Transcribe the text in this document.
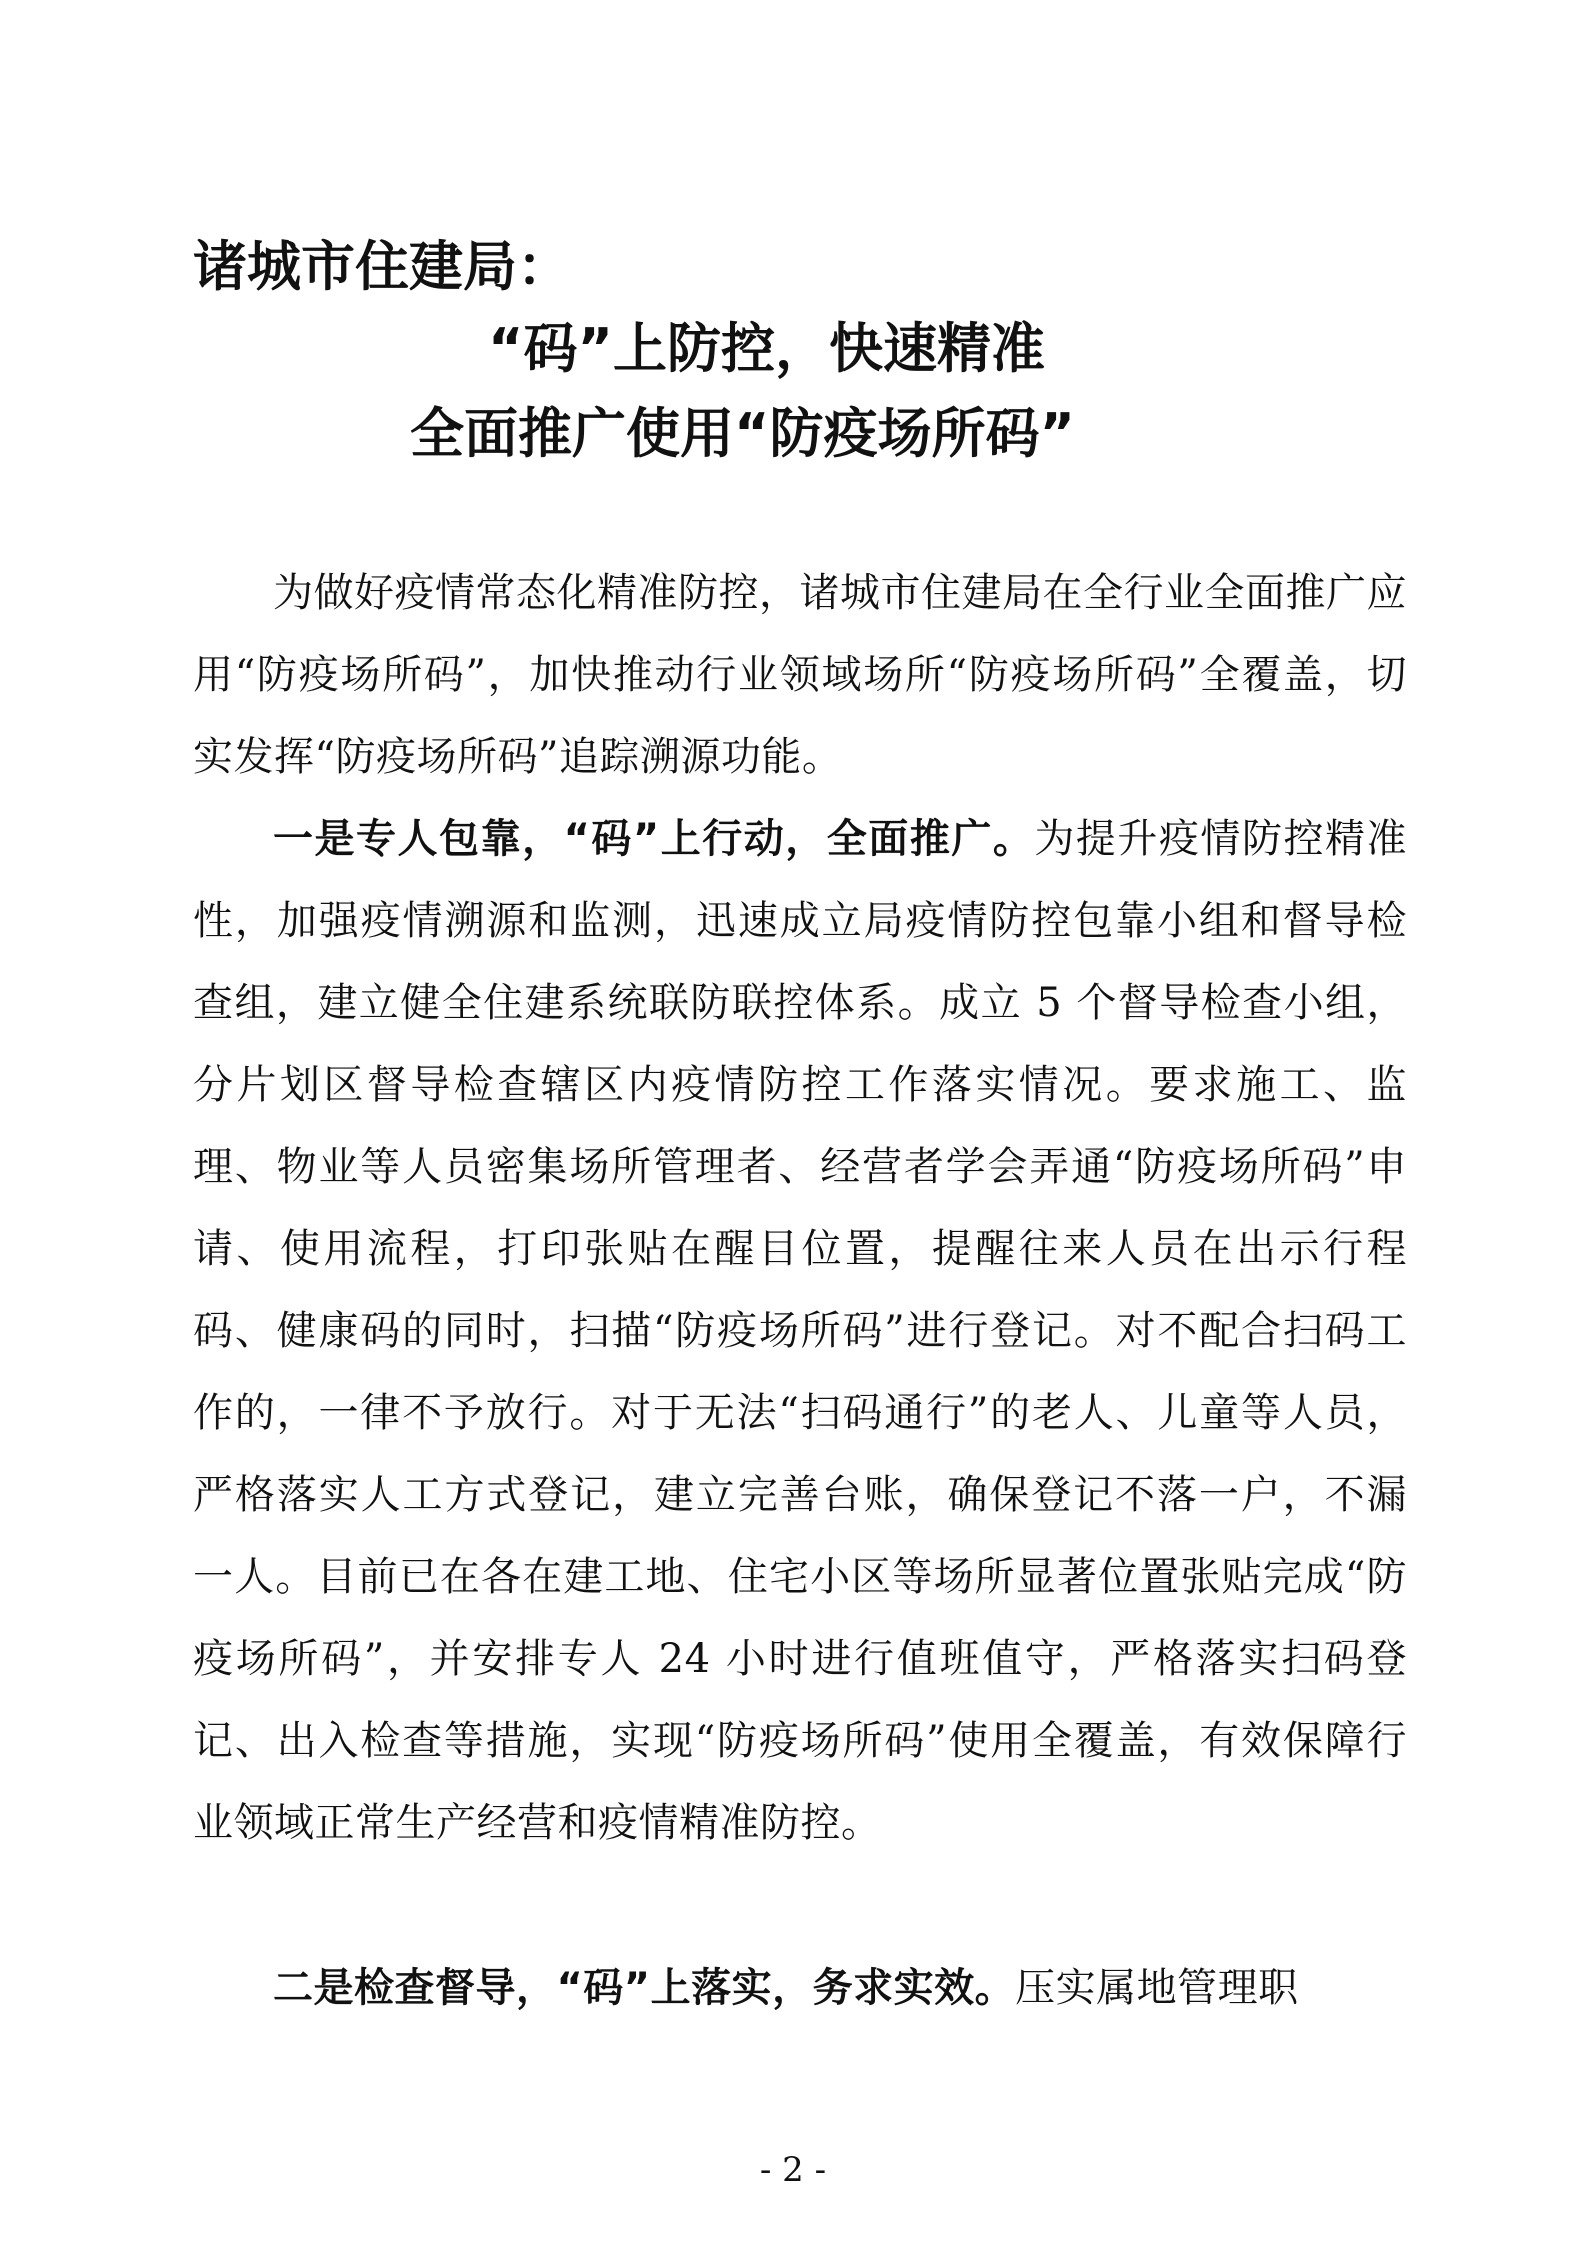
诸城市住建局：
“码”上防控，快速精准
全面推广使用“防疫场所码”

为做好疫情常态化精准防控，诸城市住建局在全行业全面推广应用“防疫场所码”，加快推动行业领域场所“防疫场所码”全覆盖，切实发挥“防疫场所码”追踪溯源功能。

一是专人包靠，“码”上行动，全面推广。为提升疫情防控精准性，加强疫情溯源和监测，迅速成立局疫情防控包靠小组和督导检查组，建立健全住建系统联防联控体系。成立 5 个督导检查小组，分片划区督导检查辖区内疫情防控工作落实情况。要求施工、监理、物业等人员密集场所管理者、经营者学会弄通“防疫场所码”申请、使用流程，打印张贴在醒目位置，提醒往来人员在出示行程码、健康码的同时，扫描“防疫场所码”进行登记。对不配合扫码工作的，一律不予放行。对于无法“扫码通行”的老人、儿童等人员，严格落实人工方式登记，建立完善台账，确保登记不落一户，不漏一人。目前已在各在建工地、住宅小区等场所显著位置张贴完成“防疫场所码”，并安排专人 24 小时进行值班值守，严格落实扫码登记、出入检查等措施，实现“防疫场所码”使用全覆盖，有效保障行业领域正常生产经营和疫情精准防控。

二是检查督导，“码”上落实，务求实效。压实属地管理职

- 2 -
